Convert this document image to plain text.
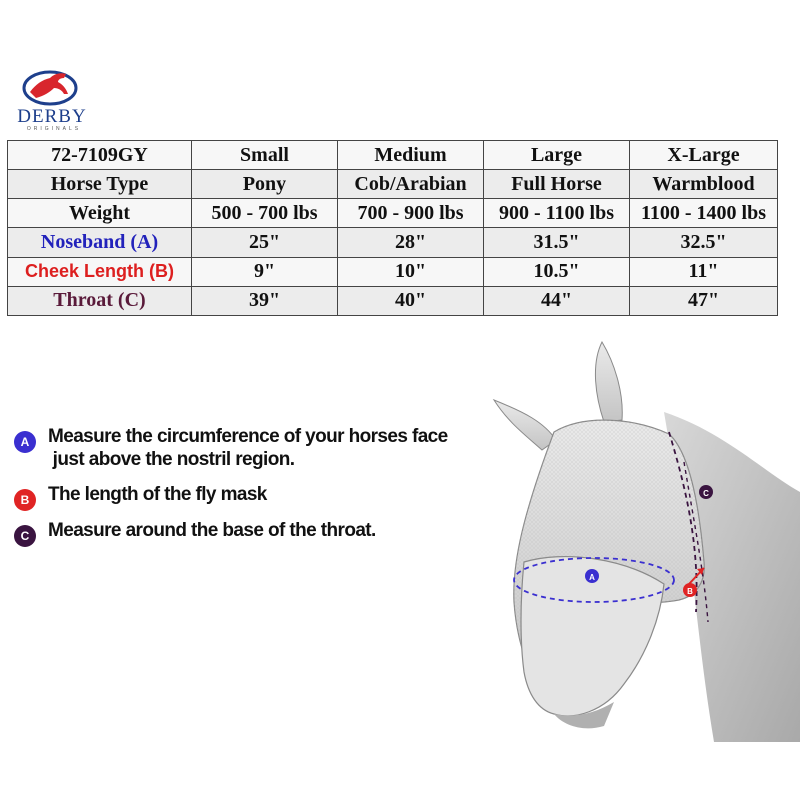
DERBY
ORIGINALS
72-7109GY	Small	Medium	Large	X-Large
Horse Type	Pony	Cob/Arabian	Full Horse	Warmblood
Weight	500 - 700 lbs	700 - 900 lbs	900 - 1100 lbs	1100 - 1400 lbs
Noseband (A)	25"	28"	31.5"	32.5"
Cheek Length (B)	9"	10"	10.5"	11"
Throat (C)	39"	40"	44"	47"
A Measure the circumference of your horses face
just above the nostril region.
B The length of the fly mask
C Measure around the base of the throat.
A
B
C
